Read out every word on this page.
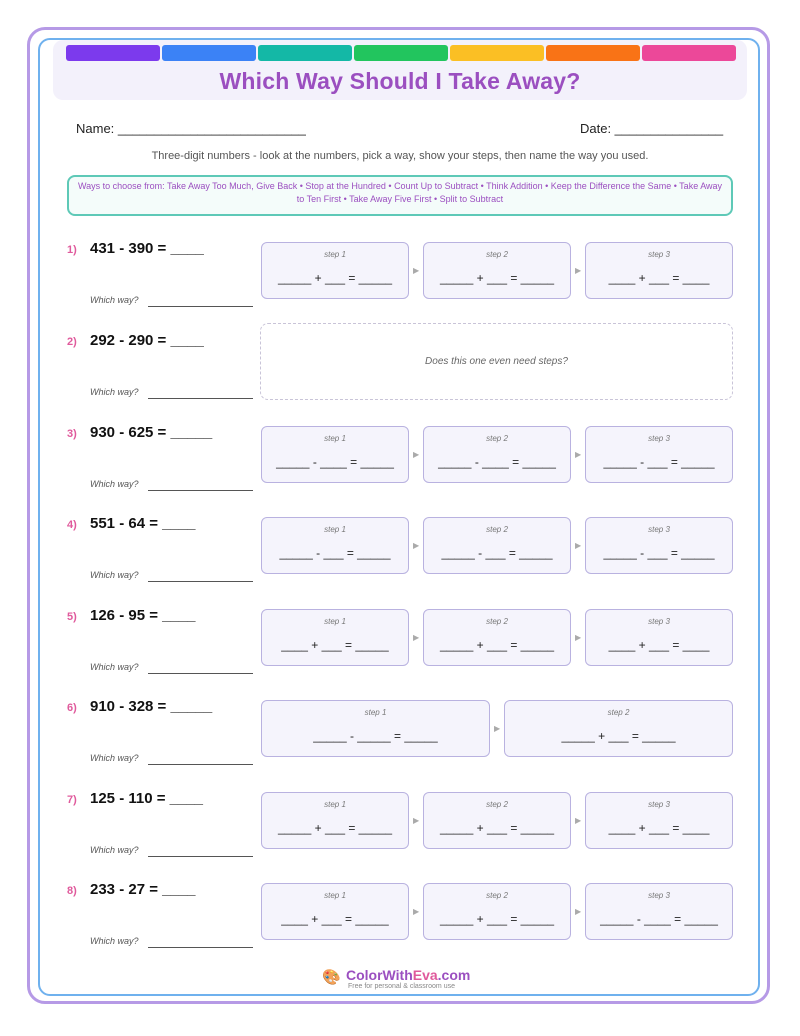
Which Way Should I Take Away?
Name: __________________________	Date: _______________
Three-digit numbers - look at the numbers, pick a way, show your steps, then name the way you used.
Ways to choose from: Take Away Too Much, Give Back • Stop at the Hundred • Count Up to Subtract • Think Addition • Keep the Difference the Same • Take Away to Ten First • Take Away Five First • Split to Subtract
1) 431 - 390 = ____
Which way?
step 1
_____ + ___ = _____
▶
step 2
_____ + ___ = _____
▶
step 3
____ + ___ = ____
2) 292 - 290 = ____
Which way?
Does this one even need steps?
3) 930 - 625 = _____
Which way?
step 1
_____ - ____ = _____
▶
step 2
_____ - ____ = _____
▶
step 3
_____ - ___ = _____
4) 551 - 64 = ____
Which way?
step 1
_____ - ___ = _____
▶
step 2
_____ - ___ = _____
▶
step 3
_____ - ___ = _____
5) 126 - 95 = ____
Which way?
step 1
____ + ___ = _____
▶
step 2
_____ + ___ = _____
▶
step 3
____ + ___ = ____
6) 910 - 328 = _____
Which way?
step 1
_____ - _____ = _____
▶
step 2
_____ + ___ = _____
7) 125 - 110 = ____
Which way?
step 1
_____ + ___ = _____
▶
step 2
_____ + ___ = _____
▶
step 3
____ + ___ = ____
8) 233 - 27 = ____
Which way?
step 1
____ + ___ = _____
▶
step 2
_____ + ___ = _____
▶
step 3
_____ - ____ = _____
🎨 ColorWithEva.com
Free for personal & classroom use
